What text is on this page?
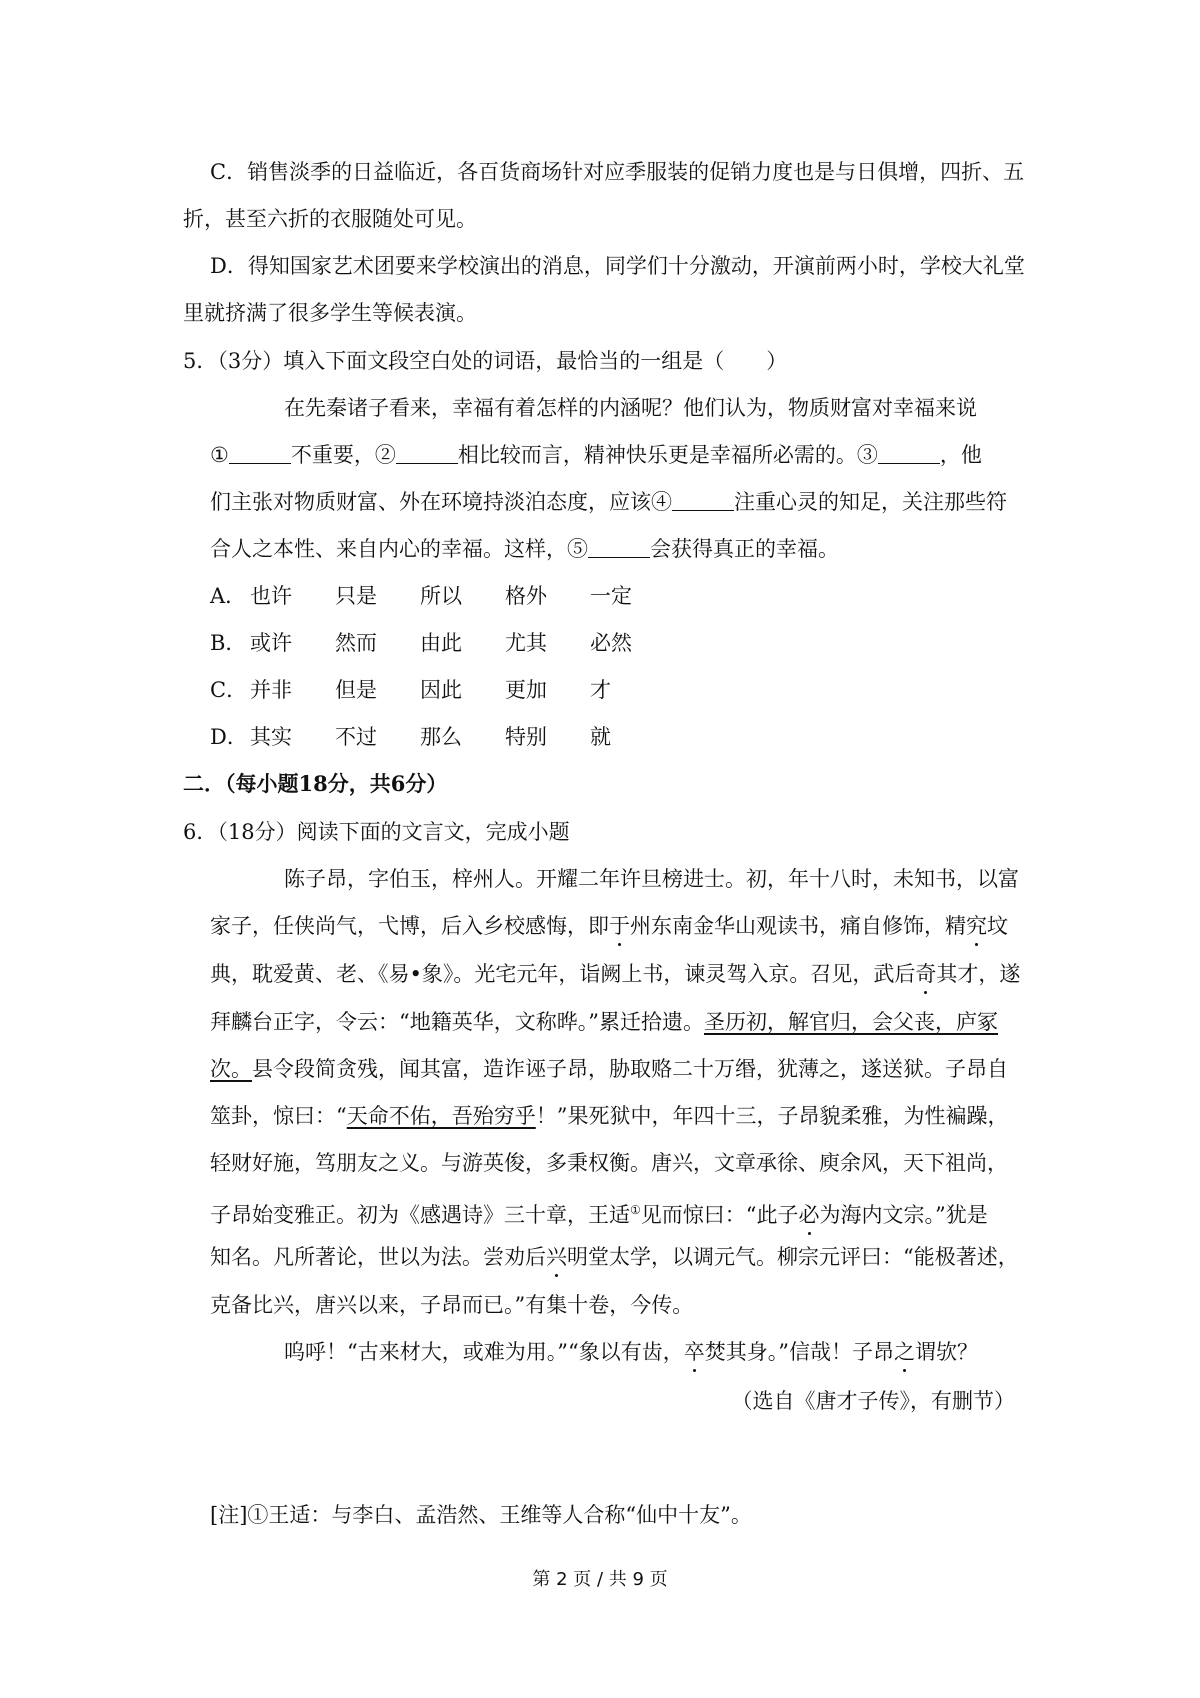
C．销售淡季的日益临近，各百货商场针对应季服装的促销力度也是与日俱增，四折、五
折，甚至六折的衣服随处可见。
D．得知国家艺术团要来学校演出的消息，同学们十分激动，开演前两小时，学校大礼堂
里就挤满了很多学生等候表演。
5．（3分）填入下面文段空白处的词语，最恰当的一组是（　　）
在先秦诸子看来，幸福有着怎样的内涵呢？他们认为，物质财富对幸福来说
①	不重要，②	相比较而言，精神快乐更是幸福所必需的。③	，他
们主张对物质财富、外在环境持淡泊态度，应该④	注重心灵的知足，关注那些符
合人之本性、来自内心的幸福。这样，⑤	会获得真正的幸福。
A． 也许 只是 所以 格外 一定
B． 或许 然而 由此 尤其 必然
C． 并非 但是 因此 更加 才
D． 其实 不过 那么 特别 就
二．（每小题18分，共6分）
6．（18分）阅读下面的文言文，完成小题
陈子昂，字伯玉，梓州人。开耀二年许旦榜进士。初，年十八时，未知书，以富
家子，任侠尚气，弋博，后入乡校感悔，即于州东南金华山观读书，痛自修饰，精究坟
典，耽爱黄、老、《易•象》。光宅元年，诣阙上书，谏灵驾入京。召见，武后奇其才，遂
拜麟台正字，令云：“地籍英华，文称晔。”累迁拾遗。圣历初，解官归，会父丧，庐冢
次。县令段简贪残，闻其富，造诈诬子昂，胁取赂二十万缗，犹薄之，遂送狱。子昂自
筮卦，惊曰：“天命不佑，吾殆穷乎！”果死狱中，年四十三，子昂貌柔雅，为性褊躁，
轻财好施，笃朋友之义。与游英俊，多秉权衡。唐兴，文章承徐、庾余风，天下祖尚，
子昂始变雅正。初为《感遇诗》三十章，王适①见而惊曰：“此子必为海内文宗。”犹是
知名。凡所著论，世以为法。尝劝后兴明堂太学，以调元气。柳宗元评曰：“能极著述，
克备比兴，唐兴以来，子昂而已。”有集十卷，今传。
呜呼！“古来材大，或难为用。”“象以有齿，卒焚其身。”信哉！子昂之谓欤？
（选自《唐才子传》，有删节）
[注]①王适：与李白、孟浩然、王维等人合称“仙中十友”。
第 2 页 / 共 9 页
